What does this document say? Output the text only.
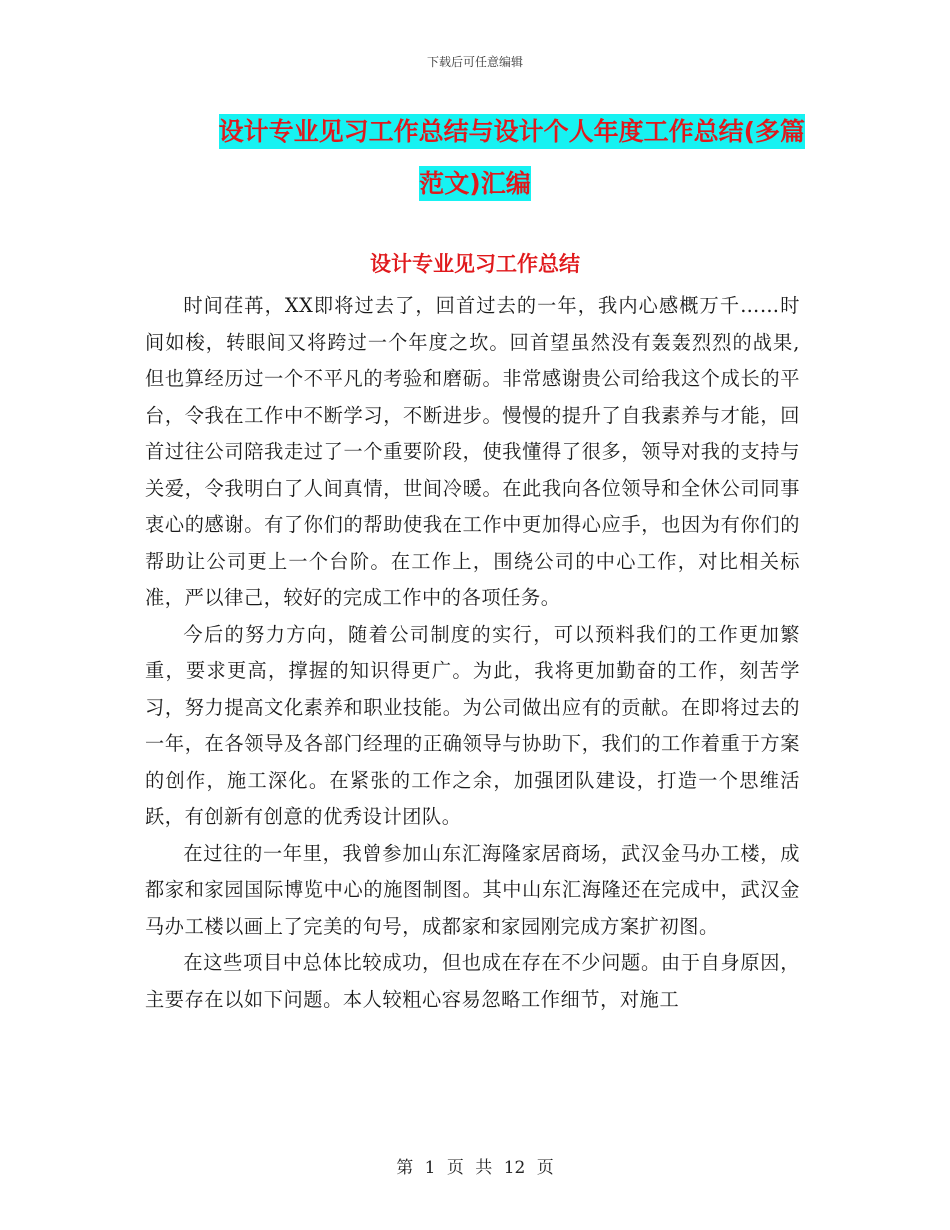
下载后可任意编辑
设计专业见习工作总结与设计个人年度工作总结(多篇
范文)汇编
设计专业见习工作总结

时间荏苒，XX即将过去了，回首过去的一年，我内心感概万千……时间如梭，转眼间又将跨过一个年度之坎。回首望虽然没有轰轰烈烈的战果,但也算经历过一个不平凡的考验和磨砺。非常感谢贵公司给我这个成长的平台，令我在工作中不断学习，不断进步。慢慢的提升了自我素养与才能，回首过往公司陪我走过了一个重要阶段，使我懂得了很多，领导对我的支持与关爱，令我明白了人间真情，世间冷暖。在此我向各位领导和全休公司同事衷心的感谢。有了你们的帮助使我在工作中更加得心应手，也因为有你们的帮助让公司更上一个台阶。在工作上，围绕公司的中心工作，对比相关标准，严以律己，较好的完成工作中的各项任务。

今后的努力方向，随着公司制度的实行，可以预料我们的工作更加繁重，要求更高，撑握的知识得更广。为此，我将更加勤奋的工作，刻苦学习，努力提高文化素养和职业技能。为公司做出应有的贡献。在即将过去的一年，在各领导及各部门经理的正确领导与协助下，我们的工作着重于方案的创作，施工深化。在紧张的工作之余，加强团队建设，打造一个思维活跃，有创新有创意的优秀设计团队。

在过往的一年里，我曾参加山东汇海隆家居商场，武汉金马办工楼，成都家和家园国际博览中心的施图制图。其中山东汇海隆还在完成中，武汉金马办工楼以画上了完美的句号，成都家和家园刚完成方案扩初图。

在这些项目中总体比较成功，但也成在存在不少问题。由于自身原因，主要存在以如下问题。本人较粗心容易忽略工作细节，对施工

第 1 页 共 12 页
